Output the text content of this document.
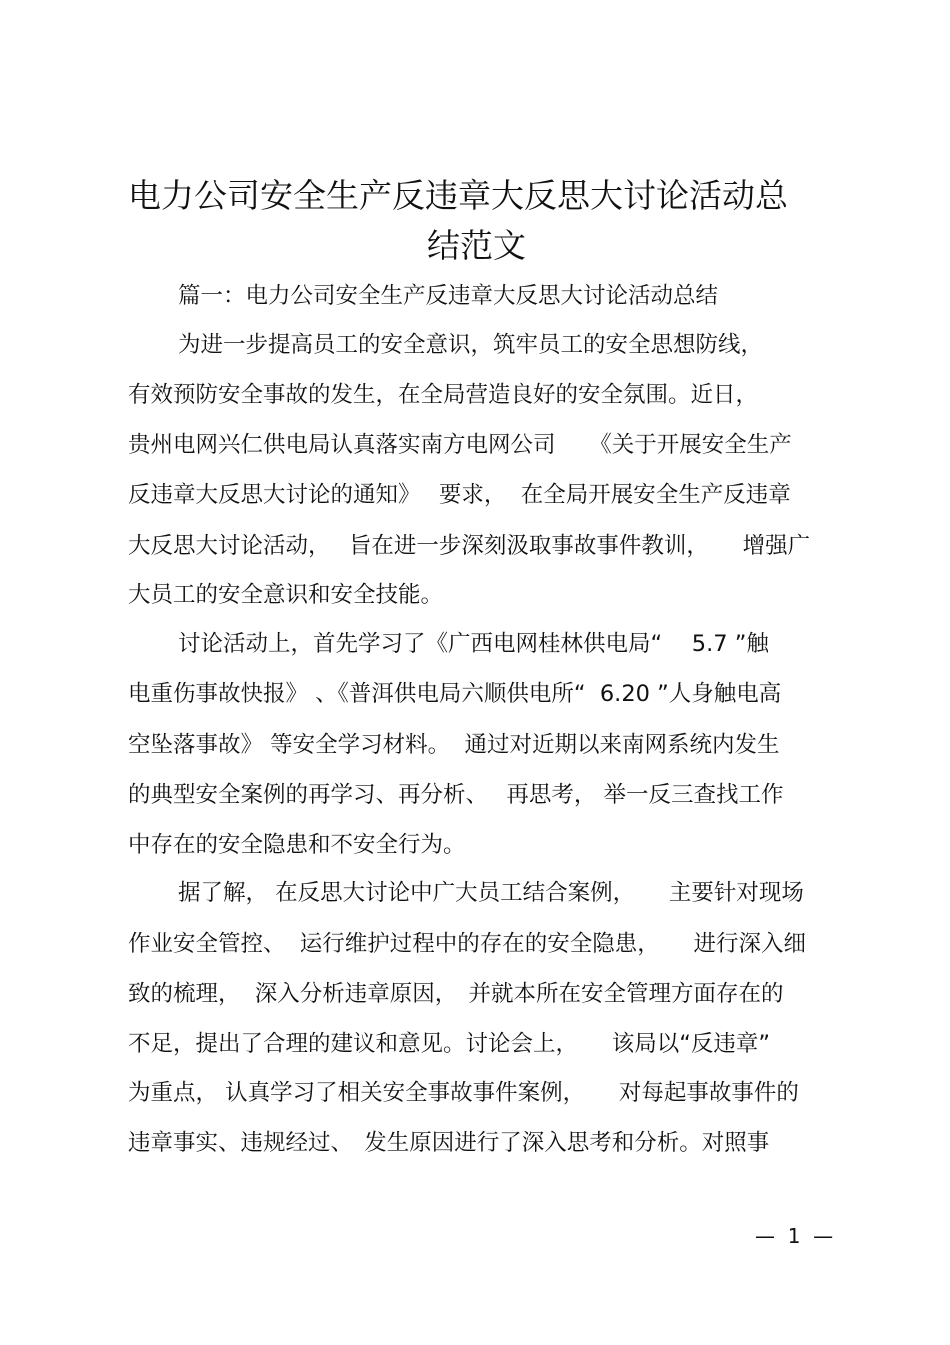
电力公司安全生产反违章大反思大讨论活动总
结范文
篇一：电力公司安全生产反违章大反思大讨论活动总结
为进一步提高员工的安全意识，筑牢员工的安全思想防线，
有效预防安全事故的发生，在全局营造良好的安全氛围。近日，
贵州电网兴仁供电局认真落实南方电网公司　　《关于开展安全生产
反违章大反思大讨论的通知》　 要求，  在全局开展安全生产反违章
大反思大讨论活动，　 旨在进一步深刻汲取事故事件教训，　　增强广
大员工的安全意识和安全技能。
讨论活动上，首先学习了《广西电网桂林供电局“　 5.7 ”触
电重伤事故快报》 、《普洱供电局六顺供电所“  6.20 ”人身触电高
空坠落事故》 等安全学习材料。  通过对近期以来南网系统内发生
的典型安全案例的再学习、再分析、　 再思考， 举一反三查找工作
中存在的安全隐患和不安全行为。
据了解， 在反思大讨论中广大员工结合案例，　　主要针对现场
作业安全管控、  运行维护过程中的存在的安全隐患，　　进行深入细
致的梳理，  深入分析违章原因，　并就本所在安全管理方面存在的
不足，提出了合理的建议和意见。讨论会上，　　该局以“反违章”
为重点， 认真学习了相关安全事故事件案例，　　对每起事故事件的
违章事实、违规经过、　发生原因进行了深入思考和分析。对照事
—  1  —
